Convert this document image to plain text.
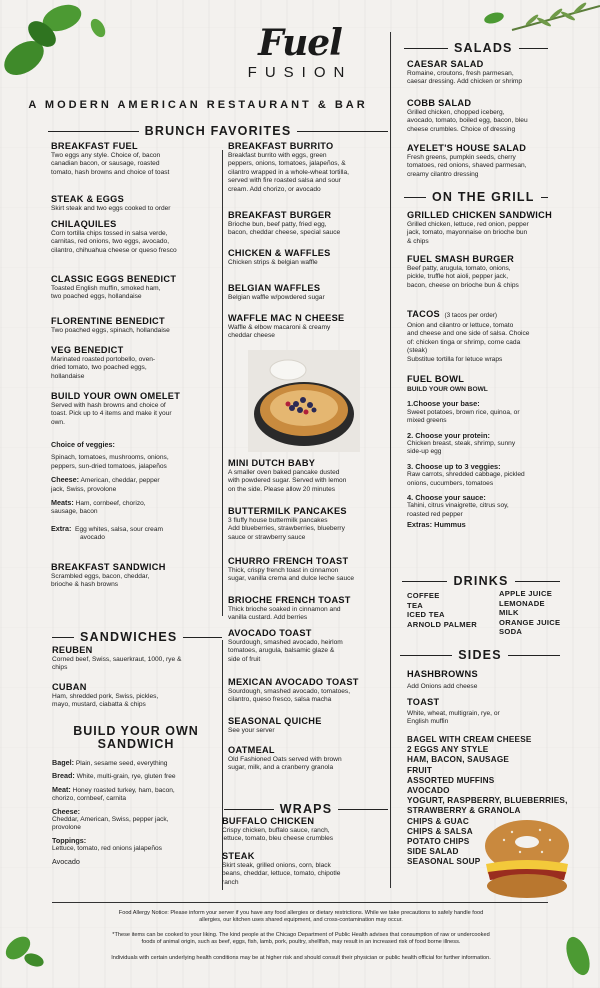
Fuel
FUSION
A MODERN AMERICAN RESTAURANT & BAR
BRUNCH FAVORITES
BREAKFAST FUEL
Two eggs any style. Choice of, bacon
canadian bacon, or sausage, roasted
tomato, hash browns and choice of toast
STEAK & EGGS
Skirt steak and two eggs cooked to order
CHILAQUILES
Corn tortilla chips tossed in salsa verde,
carnitas, red onions, two eggs, avocado,
cilantro, chihuahua cheese or queso fresco
CLASSIC EGGS BENEDICT
Toasted English muffin, smoked ham,
two poached eggs, hollandaise
FLORENTINE BENEDICT
Two poached eggs, spinach, hollandaise
VEG BENEDICT
Marinated roasted portobello, oven-
dried tomato, two poached eggs,
hollandaise
BUILD YOUR OWN OMELET
Served with hash browns and choice of
toast. Pick up to 4 items and make it your
own.
Choice of veggies:
Spinach, tomatoes, mushrooms, onions,
peppers, sun-dried tomatoes, jalapeños
Cheese: American, cheddar, pepper
jack, Swiss, provolone
Meats: Ham, cornbeef, chorizo,
sausage, bacon
Extra: Egg whites, salsa, sour cream
avocado
BREAKFAST SANDWICH
Scrambled eggs, bacon, cheddar,
brioche & hash browns
BREAKFAST BURRITO
Breakfast burrito with eggs, green
peppers, onions, tomatoes, jalapeños, &
cilantro wrapped in a whole-wheat tortilla,
served with fire roasted salsa and sour
cream. Add chorizo, or avocado
BREAKFAST BURGER
Brioche bun, beef patty, fried egg,
bacon, cheddar cheese, special sauce
CHICKEN & WAFFLES
Chicken strips & belgian waffle
BELGIAN WAFFLES
Belgian waffle w/powdered sugar
WAFFLE MAC N CHEESE
Waffle & elbow macaroni & creamy
cheddar cheese
MINI DUTCH BABY
A smaller oven baked pancake dusted
with powdered sugar. Served with lemon
on the side. Please allow 20 minutes
BUTTERMILK PANCAKES
3 fluffy house buttermilk pancakes
Add blueberries, strawberries, blueberry
sauce or strawberry sauce
CHURRO FRENCH TOAST
Thick, crispy french toast in cinnamon
sugar, vanilla crema and dulce leche sauce
BRIOCHE FRENCH TOAST
Thick brioche soaked in cinnamon and
vanilla custard. Add berries
AVOCADO TOAST
Sourdough, smashed avocado, heirlom
tomatoes, arugula, balsamic glaze &
side of fruit
MEXICAN AVOCADO TOAST
Sourdough, smashed avocado, tomatoes,
cilantro, queso fresco, salsa macha
SEASONAL QUICHE
See your server
OATMEAL
Old Fashioned Oats served with brown
sugar, milk, and a cranberry granola
SANDWICHES
REUBEN
Corned beef, Swiss, sauerkraut, 1000, rye &
chips
CUBAN
Ham, shredded pork, Swiss, pickles,
mayo, mustard, ciabatta & chips
BUILD YOUR OWN
SANDWICH
Bagel: Plain, sesame seed, everything
Bread: White, multi-grain, rye, gluten free
Meat: Honey roasted turkey, ham, bacon,
chorizo, cornbeef, carnita
Cheese:
Cheddar, American, Swiss, pepper jack,
provolone
Toppings:
Lettuce, tomato, red onions jalapeños
Avocado
WRAPS
BUFFALO CHICKEN
Crispy chicken, buffalo sauce, ranch,
lettuce, tomato, bleu cheese crumbles
STEAK
Skirt steak, grilled onions, corn, black
beans, cheddar, lettuce, tomato, chipotle
ranch
SALADS
CAESAR SALAD
Romaine, croutons, fresh parmesan,
caesar dressing. Add chicken or shrimp
COBB SALAD
Grilled chicken, chopped iceberg,
avocado, tomato, boiled egg, bacon, bleu
cheese crumbles. Choice of dressing
AYELET'S HOUSE SALAD
Fresh greens, pumpkin seeds, cherry
tomatoes, red onions, shaved parmesan,
creamy cilantro dressing
ON THE GRILL
GRILLED CHICKEN SANDWICH
Grilled chicken, lettuce, red onion, pepper
jack, tomato, mayonnaise on brioche bun
& chips
FUEL SMASH BURGER
Beef patty, arugula, tomato, onions,
pickle, truffle hot aioli, pepper jack,
bacon, cheese on brioche bun & chips
TACOS (3 tacos per order)
Onion and cilantro or lettuce, tomato
and cheese and one side of salsa. Choice
of: chicken tinga or shrimp, corne cada
(steak)
Substitue tortilla for letuce wraps
FUEL BOWL
BUILD YOUR OWN BOWL
1.Choose your base:
Sweet potatoes, brown rice, quinoa, or
mixed greens
2. Choose your protein:
Chicken breast, steak, shrimp, sunny
side-up egg
3. Choose up to 3 veggies:
Raw carrots, shredded cabbage, pickled
onions, cucumbers, tomatoes
4. Choose your sauce:
Tahini, citrus vinaigrette, citrus soy,
roasted red pepper
Extras: Hummus
DRINKS
COFFEE
TEA
ICED TEA
ARNOLD PALMER
APPLE JUICE
LEMONADE
MILK
ORANGE JUICE
SODA
SIDES
HASHBROWNS
Add Onions add cheese
TOAST
White, wheat, multigrain, rye, or
English muffin
BAGEL WITH CREAM CHEESE
2 EGGS ANY STYLE
HAM, BACON, SAUSAGE
FRUIT
ASSORTED MUFFINS
AVOCADO
YOGURT, RASPBERRY, BLUEBERRIES,
STRAWBERRY & GRANOLA
CHIPS & GUAC
CHIPS & SALSA
POTATO CHIPS
SIDE SALAD
SEASONAL SOUP
Food Allergy Notice: Please inform your server if you have any food allergies or dietary restrictions. While we take precautions to safely handle food
allergies, our kitchen uses shared equipment, and cross-contamination may occur.
*These items can be cooked to your liking. The kind people at the Chicago Department of Public Health advises that consumption of raw or undercooked
foods of animal origin, such as beef, eggs, fish, lamb, pork, poultry, shellfish, may result in an increased risk of food borne illness.
Individuals with certain underlying health conditions may be at higher risk and should consult their physician or public health official for further information.
